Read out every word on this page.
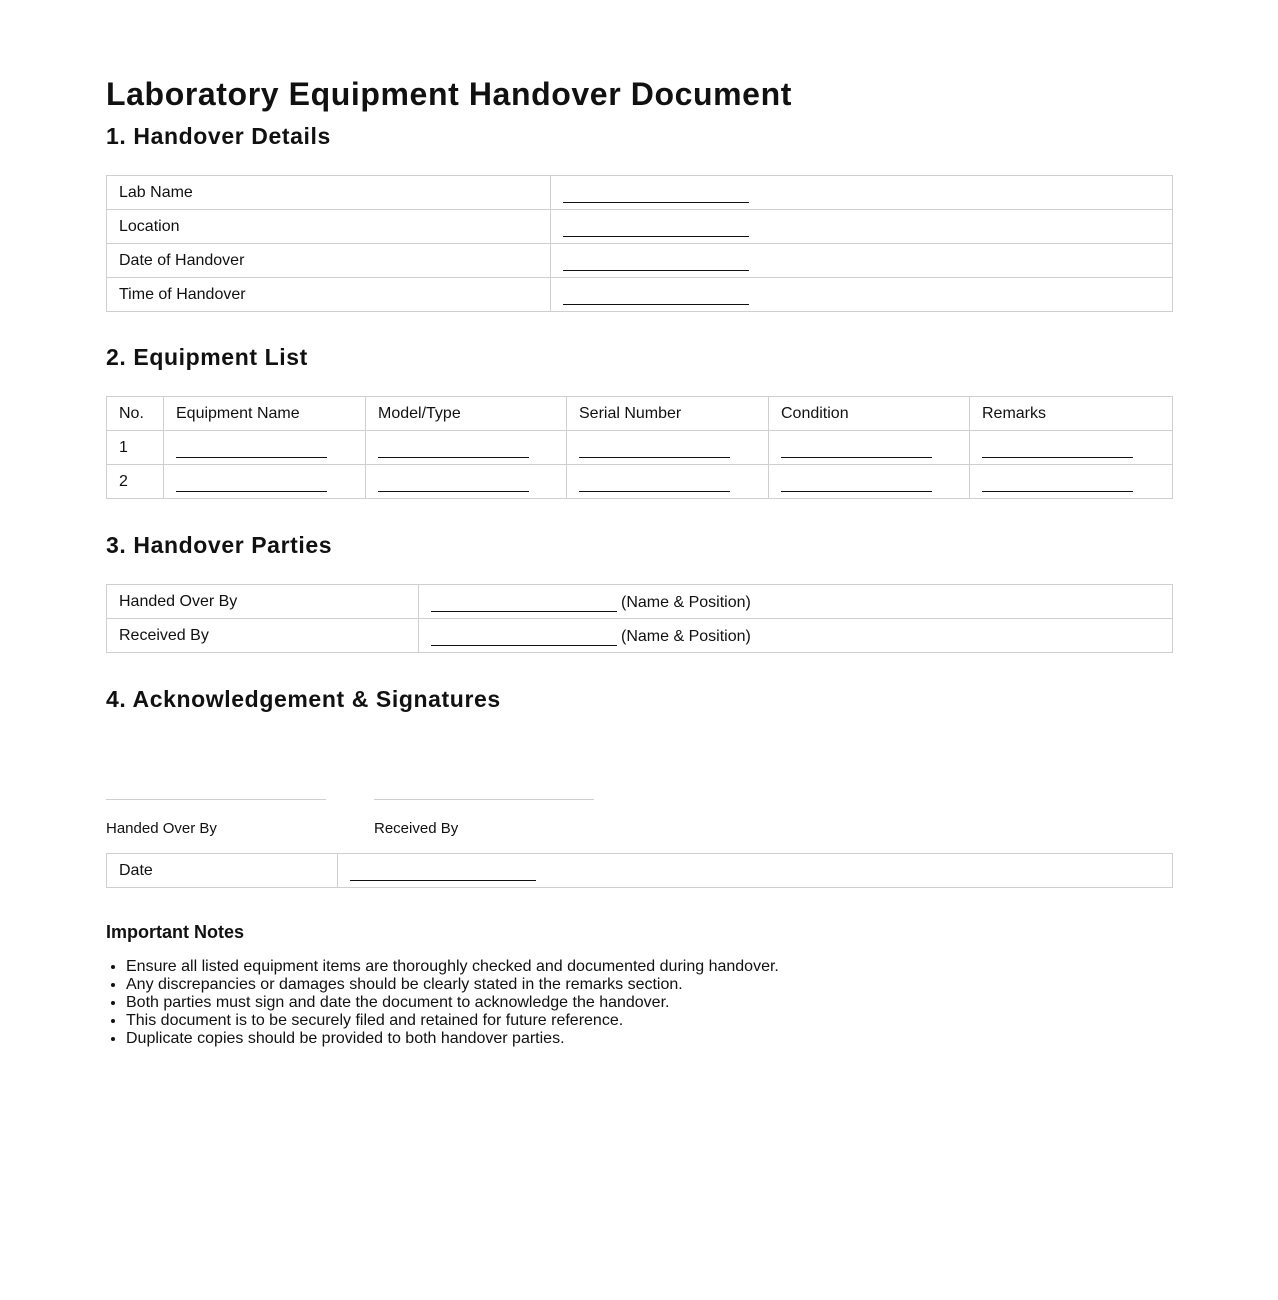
Laboratory Equipment Handover Document
1. Handover Details
Lab Name	
Location	
Date of Handover	
Time of Handover	
2. Equipment List
No.	Equipment Name	Model/Type	Serial Number	Condition	Remarks
1					
2					
3. Handover Parties
Handed Over By	(Name & Position)
Received By	(Name & Position)
4. Acknowledgement & Signatures
Handed Over By	Received By
Date	
Important Notes
• Ensure all listed equipment items are thoroughly checked and documented during handover.
• Any discrepancies or damages should be clearly stated in the remarks section.
• Both parties must sign and date the document to acknowledge the handover.
• This document is to be securely filed and retained for future reference.
• Duplicate copies should be provided to both handover parties.
